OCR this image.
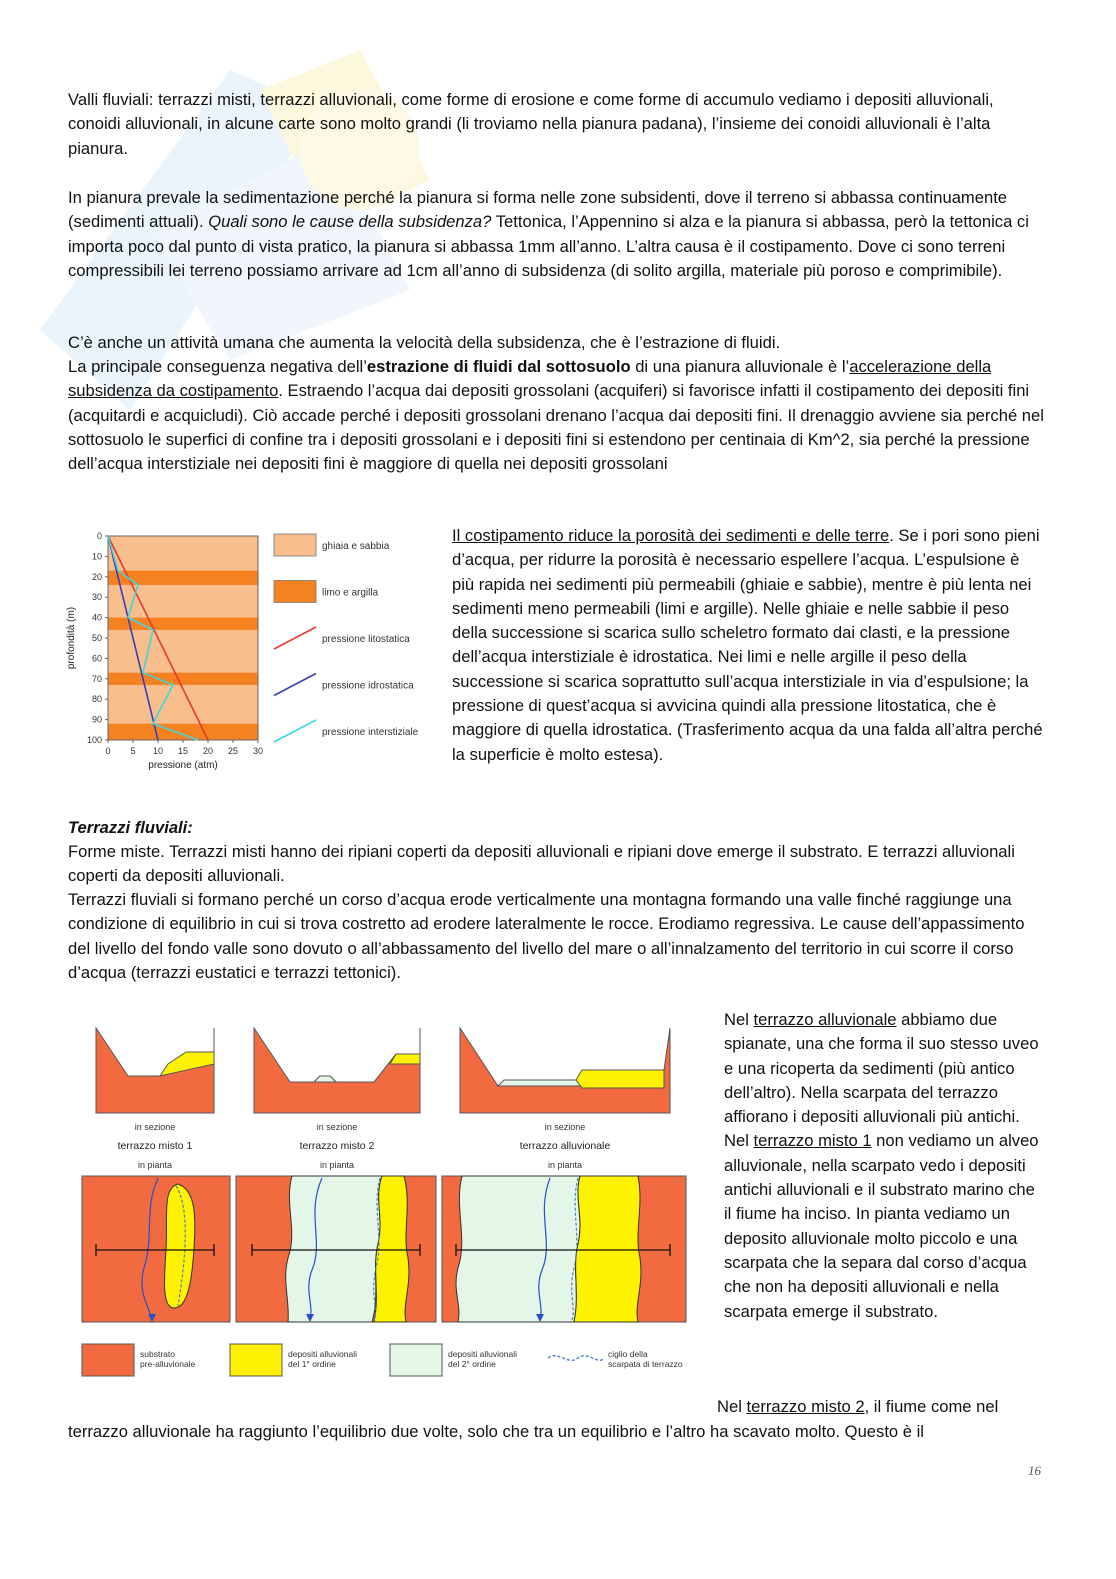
Valli fluviali: terrazzi misti, terrazzi alluvionali, come forme di erosione e come forme di accumulo vediamo i depositi alluvionali, conoidi alluvionali, in alcune carte sono molto grandi (li troviamo nella pianura padana), l’insieme dei conoidi alluvionali è l’alta pianura.

In pianura prevale la sedimentazione perché la pianura si forma nelle zone subsidenti, dove il terreno si abbassa continuamente (sedimenti attuali). Quali sono le cause della subsidenza? Tettonica, l’Appennino si alza e la pianura si abbassa, però la tettonica ci importa poco dal punto di vista pratico, la pianura si abbassa 1mm all’anno. L’altra causa è il costipamento. Dove ci sono terreni compressibili lei terreno possiamo arrivare ad 1cm all’anno di subsidenza (di solito argilla, materiale più poroso e comprimibile).

C’è anche un attività umana che aumenta la velocità della subsidenza, che è l’estrazione di fluidi.

La principale conseguenza negativa dell’estrazione di fluidi dal sottosuolo di una pianura alluvionale è l’accelerazione della subsidenza da costipamento. Estraendo l’acqua dai depositi grossolani (acquiferi) si favorisce infatti il costipamento dei depositi fini (acquitardi e acquicludi). Ciò accade perché i depositi grossolani drenano l’acqua dai depositi fini. Il drenaggio avviene sia perché nel sottosuolo le superfici di confine tra i depositi grossolani e i depositi fini si estendono per centinaia di Km^2, sia perché la pressione dell’acqua interstiziale nei depositi fini è maggiore di quella nei depositi grossolani

0 5 10 15 20 25 30
0
10
20
30
40
50
60
70
80
90
100
pressione (atm)
profondità (m)
ghiaia e sabbia
limo e argilla
pressione litostatica
pressione idrostatica
pressione interstiziale

Il costipamento riduce la porosità dei sedimenti e delle terre. Se i pori sono pieni d’acqua, per ridurre la porosità è necessario espellere l’acqua. L’espulsione è più rapida nei sedimenti più permeabili (ghiaie e sabbie), mentre è più lenta nei sedimenti meno permeabili (limi e argille). Nelle ghiaie e nelle sabbie il peso della successione si scarica sullo scheletro formato dai clasti, e la pressione dell’acqua interstiziale è idrostatica. Nei limi e nelle argille il peso della successione si scarica soprattutto sull’acqua interstiziale in via d’espulsione; la pressione di quest’acqua si avvicina quindi alla pressione litostatica, che è maggiore di quella idrostatica. (Trasferimento acqua da una falda all’altra perché la superficie è molto estesa).

Terrazzi fluviali:

Forme miste. Terrazzi misti hanno dei ripiani coperti da depositi alluvionali e ripiani dove emerge il substrato. E terrazzi alluvionali coperti da depositi alluvionali.

Terrazzi fluviali si formano perché un corso d’acqua erode verticalmente una montagna formando una valle finché raggiunge una condizione di equilibrio in cui si trova costretto ad erodere lateralmente le rocce. Erodiamo regressiva. Le cause dell’appassimento del livello del fondo valle sono dovuto o all’abbassamento del livello del mare o all’innalzamento del territorio in cui scorre il corso d’acqua (terrazzi eustatici e terrazzi tettonici).

in sezione	in sezione	in sezione
terrazzo misto 1	terrazzo misto 2	terrazzo alluvionale
in pianta	in pianta	in pianta
substrato
pre-alluvionale
depositi alluvionali
del 1° ordine
depositi alluvionali
del 2° ordine
ciglio della
scarpata di terrazzo
Nel terrazzo alluvionale abbiamo due spianate, una che forma il suo stesso uveo e una ricoperta da sedimenti (più antico dell’altro). Nella scarpata del terrazzo affiorano i depositi alluvionali più antichi.
Nel terrazzo misto 1 non vediamo un alveo alluvionale, nella scarpato vedo i depositi antichi alluvionali e il substrato marino che il fiume ha inciso. In pianta vediamo un deposito alluvionale molto piccolo e una scarpata che la separa dal corso d’acqua che non ha depositi alluvionali e nella scarpata emerge il substrato.

Nel terrazzo misto 2, il fiume come nel

terrazzo alluvionale ha raggiunto l’equilibrio due volte, solo che tra un equilibrio e l’altro ha scavato molto. Questo è il

16
